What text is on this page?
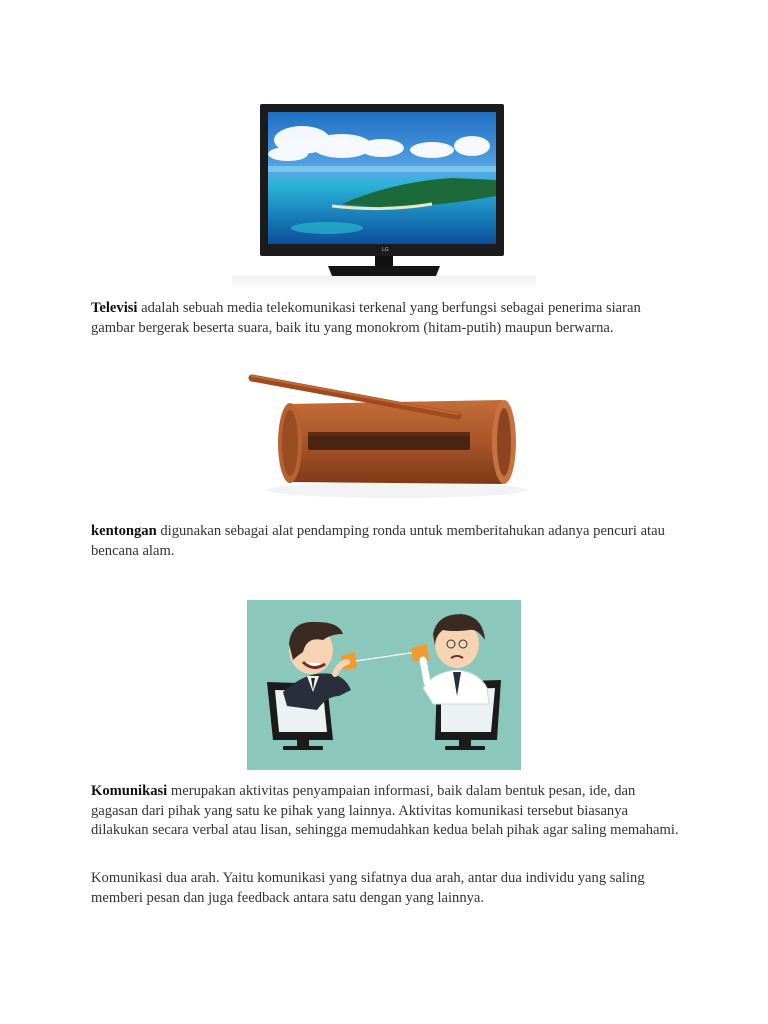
LG

Televisi adalah sebuah media telekomunikasi terkenal yang berfungsi sebagai penerima siaran gambar bergerak beserta suara, baik itu yang monokrom (hitam-putih) maupun berwarna.

kentongan digunakan sebagai alat pendamping ronda untuk memberitahukan adanya pencuri atau bencana alam.

Komunikasi merupakan aktivitas penyampaian informasi, baik dalam bentuk pesan, ide, dan gagasan dari pihak yang satu ke pihak yang lainnya. Aktivitas komunikasi tersebut biasanya dilakukan secara verbal atau lisan, sehingga memudahkan kedua belah pihak agar saling memahami.

Komunikasi dua arah. Yaitu komunikasi yang sifatnya dua arah, antar dua individu yang saling memberi pesan dan juga feedback antara satu dengan yang lainnya.
